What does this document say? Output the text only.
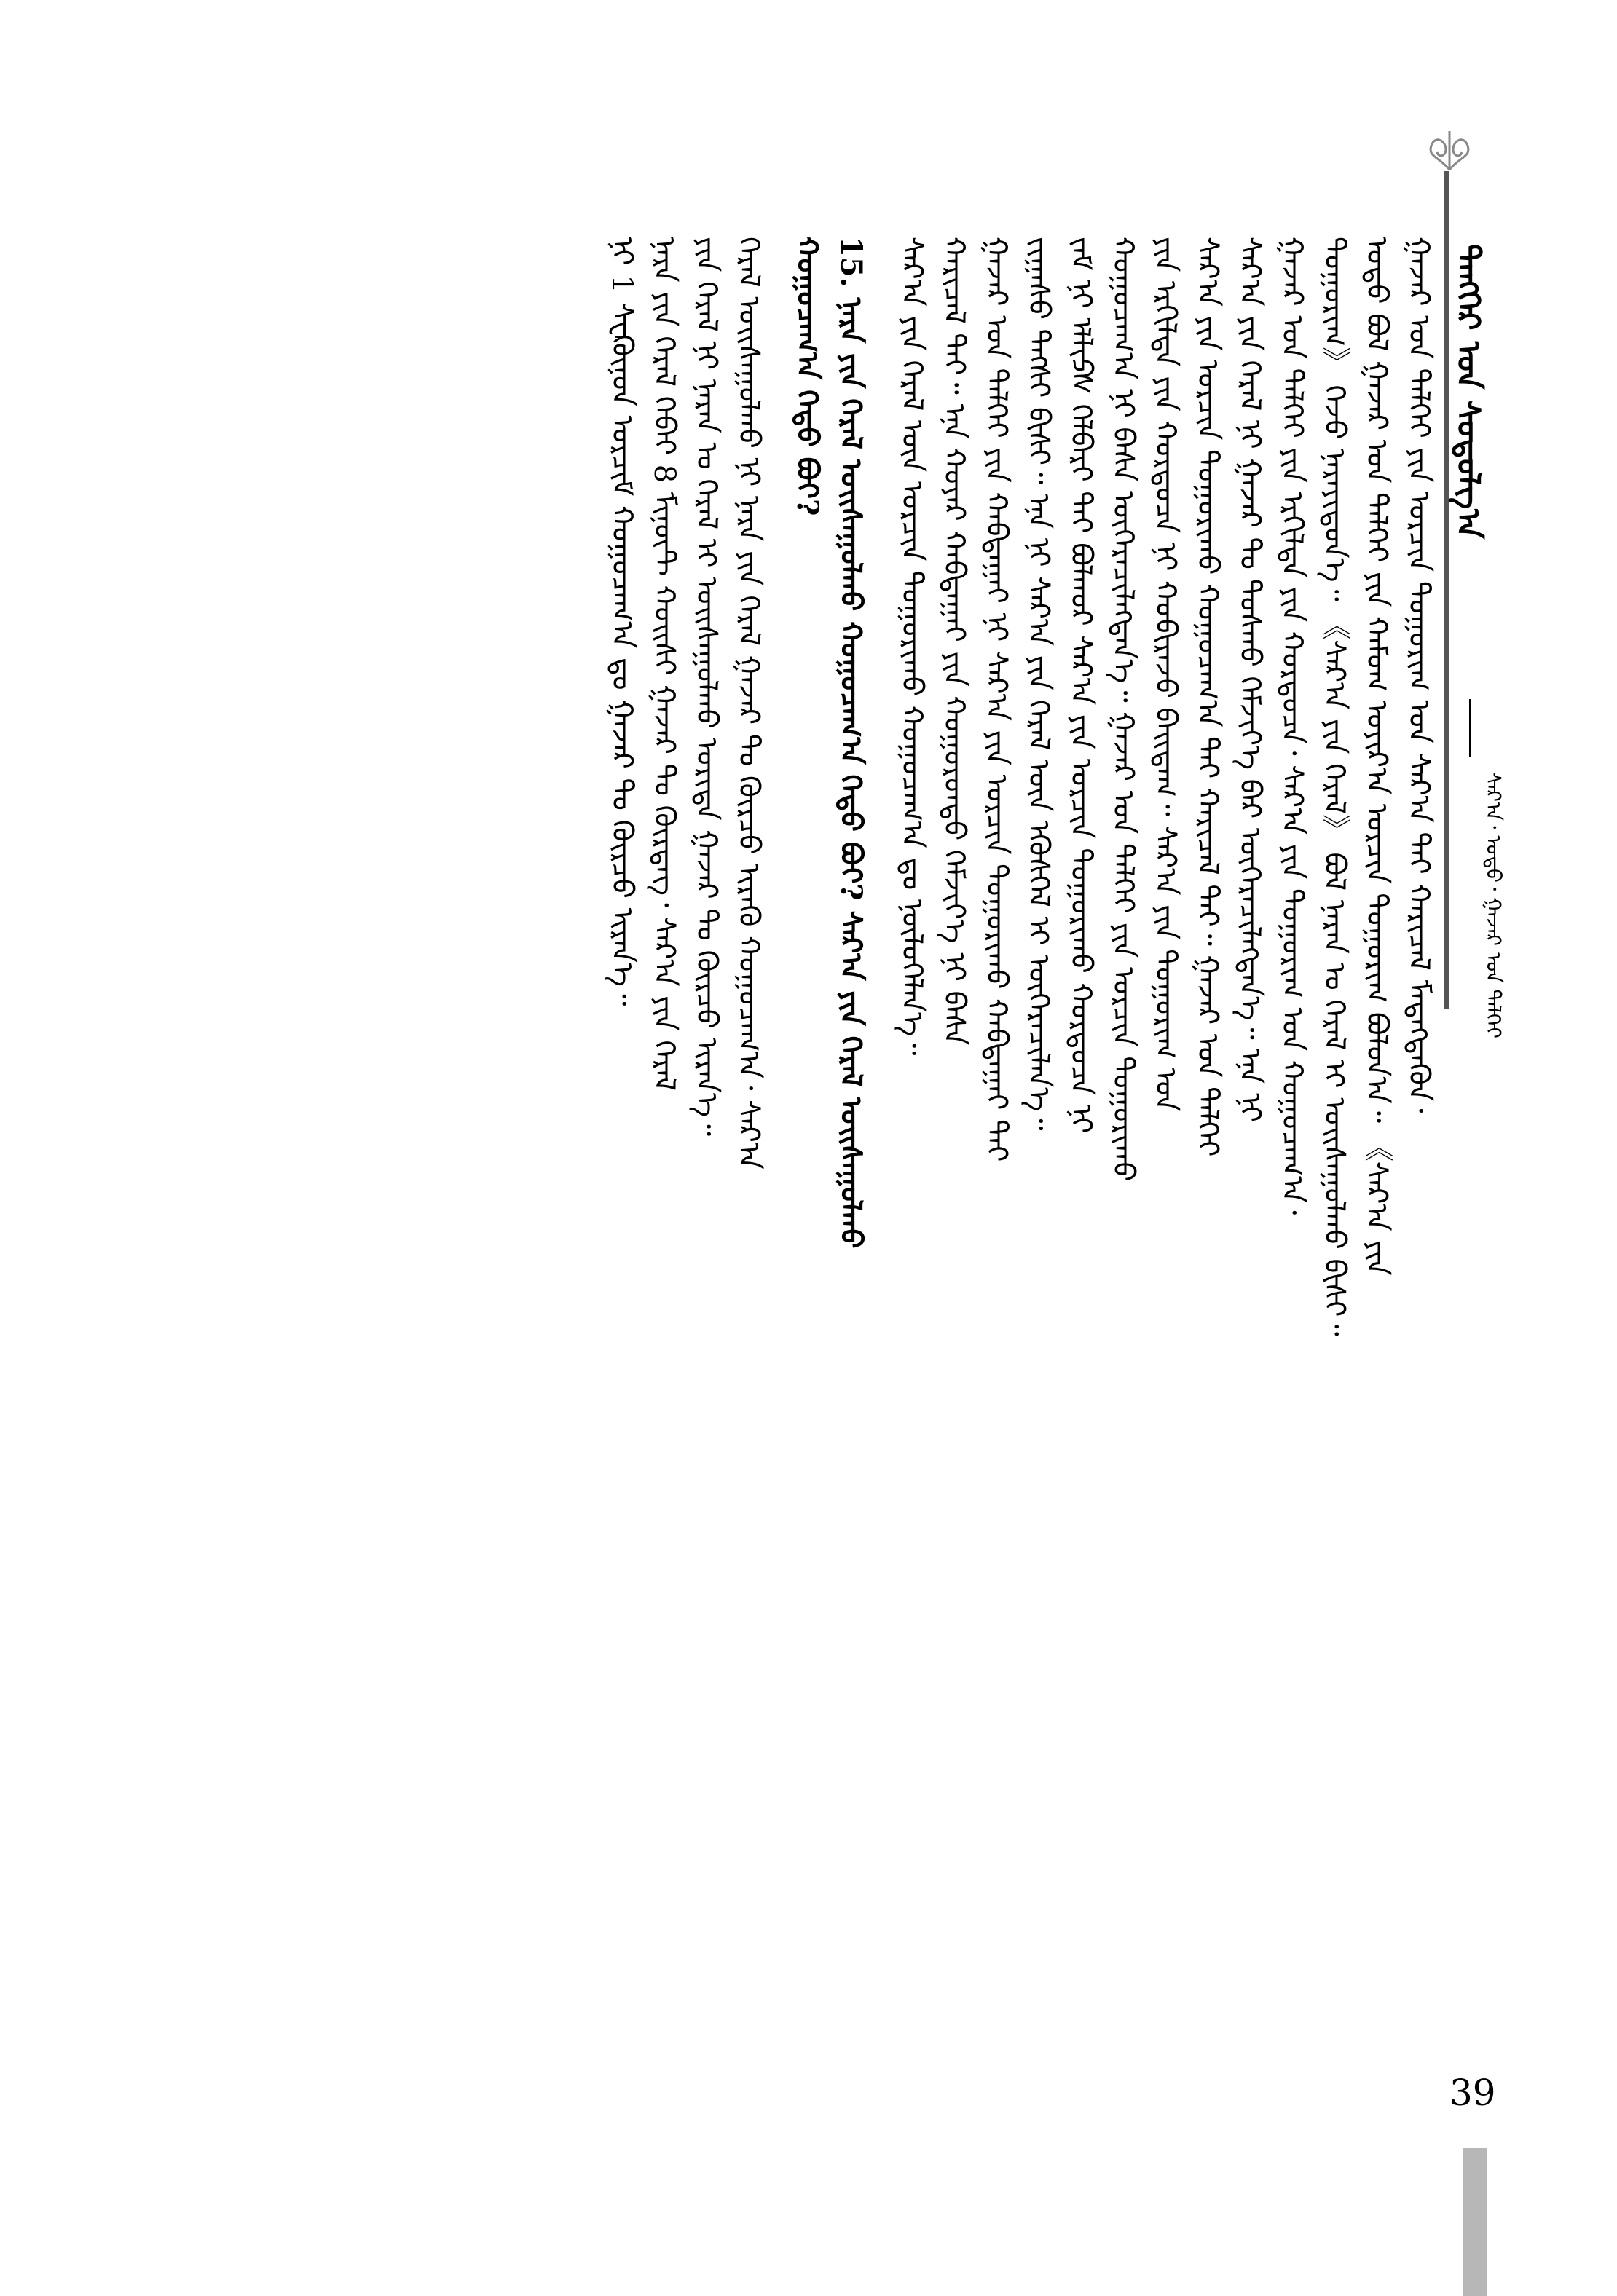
ᠲᠡᠩᠭᠡᠷ ᠤᠨ ᠰᠤᠳᠤᠯᠭ᠎ᠠ
ᠰᠠᠷ᠎ᠠ᠂ ᠣᠳᠤ᠂ ᠭᠠᠵᠠᠷ ᠤᠨ ᠳᠡᠯᠬᠡᠢ
ᠭᠠᠵᠠᠷ ᠤᠨ ᠳᠡᠯᠬᠡᠢ ᠶᠢᠨ ᠣᠷᠴᠢᠨ ᠳᠣᠭᠣᠷᠢᠭ ᠤᠨ ᠰᠠᠷ᠎ᠠ ᠲᠠᠢ ᠬᠠᠷᠢᠴᠠᠯ ᠮᠡᠳᠡᠭᠳᠡᠬᠦᠨ᠂
ᠣᠳᠤ ᠪᠣᠯ ᠭᠠᠵᠠᠷ ᠤᠨ ᠳᠡᠯᠬᠡᠢ ᠶᠢᠨ ᠬᠠᠮᠤᠭ ᠣᠶᠢᠷ᠎ᠠ ᠣᠷᠴᠢᠨ ᠳᠣᠭᠣᠷᠢᠭ ᠪᠣᠯᠤᠨ᠎ᠠ᠃ 《ᠰᠠᠷ᠎ᠠ ᠶᠢᠨ
ᠲᠣᠭᠣᠷᠢᠭ》 ᠭᠡᠵᠦ ᠨᠡᠷᠡᠶᠢᠳᠦᠨ᠎ᠡ᠃ 《ᠰᠠᠷ᠎ᠠ ᠶᠢᠨ ᠭᠡᠷᠡᠯ》 ᠪᠣᠯ ᠨᠠᠷᠠᠨ ᠤ ᠭᠡᠷᠡᠯ ᠢ ᠣᠢᠰᠠᠭᠤᠯᠬᠤ ᠪᠢᠰᠢ᠃
ᠭᠠᠵᠠᠷ ᠤᠨ ᠳᠡᠯᠬᠡᠢ ᠶᠢᠨ ᠡᠷᠭᠢᠯᠲᠡ ᠶᠢᠨ ᠬᠤᠷᠳᠤᠴᠠ᠂ ᠰᠠᠷ᠎ᠠ ᠶᠢᠨ ᠲᠣᠭᠣᠷᠢᠭ ᠤᠨ ᠬᠤᠭᠤᠴᠠᠭ᠎ᠠ᠂
ᠰᠠᠷ᠎ᠠ ᠶᠢᠨ ᠭᠡᠷᠡᠯ ᠨᠢ ᠭᠠᠵᠠᠷ ᠲᠤ ᠲᠤᠰᠬᠤ ᠬᠡᠮᠵᠢᠶ᠎ᠡ ᠪᠡᠷ ᠥᠭᠡᠷᠡᠴᠢᠯᠡᠭᠳᠡᠨ᠎ᠡ᠃ ᠡᠨᠡ ᠨᠢ
ᠰᠠᠷ᠎ᠠ ᠶᠢᠨ ᠣᠷᠴᠢᠨ ᠳᠣᠭᠣᠷᠢᠬᠤ ᠬᠤᠭᠤᠴᠠᠭ᠎ᠠ ᠲᠠᠢ ᠬᠠᠷᠢᠴᠠᠯ ᠲᠠᠢ᠃ ᠭᠠᠵᠠᠷ ᠤᠨ ᠳᠡᠯᠬᠡᠢ
ᠶᠢᠨ ᠡᠷᠭᠢᠯᠲᠡ ᠶᠢᠨ ᠬᠤᠷᠳᠤᠴᠠ ᠨᠢ ᠬᠤᠪᠢᠷᠠᠵᠤ ᠪᠠᠢᠳᠠᠭ᠃ ᠰᠠᠷ᠎ᠠ ᠶᠢᠨ ᠲᠣᠭᠣᠷᠢᠭ ᠤᠨ
ᠬᠤᠭᠤᠴᠠᠭ᠎ᠠ ᠨᠢ ᠪᠠᠰᠠ ᠥᠭᠡᠷᠡᠴᠢᠯᠡᠭᠳᠡᠨ᠎ᠡ᠃ ᠭᠠᠵᠠᠷ ᠤᠨ ᠳᠡᠯᠬᠡᠢ ᠶᠢᠨ ᠣᠷᠴᠢᠨ ᠳᠣᠭᠣᠷᠢᠬᠤ
ᠵᠠᠮ ᠨᠢ ᠡᠯᠯᠢᠫᠰ ᠬᠡᠯᠪᠡᠷᠢ ᠲᠠᠢ ᠪᠣᠯᠬᠣᠷ ᠰᠠᠷ᠎ᠠ ᠶᠢᠨ ᠣᠷᠴᠢᠨ ᠳᠣᠭᠣᠷᠢᠬᠤ ᠬᠤᠷᠳᠤᠴᠠ ᠨᠢ
ᠵᠢᠭᠠᠰᠤ ᠲᠡᠭᠰᠢ ᠪᠢᠰᠢ᠃ ᠡᠨᠡ ᠨᠢ ᠰᠠᠷ᠎ᠠ ᠶᠢᠨ ᠭᠡᠷᠡᠯ ᠦᠨ ᠡᠭᠦᠰᠬᠡᠯ ᠢ ᠥᠭᠡᠷᠡᠴᠢᠯᠡᠨ᠎ᠡ᠃
ᠭᠠᠵᠠᠷ ᠤᠨ ᠳᠡᠯᠬᠡᠢ ᠶᠢᠨ ᠬᠠᠪᠲᠠᠭᠠᠢ ᠨᠢ ᠰᠠᠷ᠎ᠠ ᠶᠢᠨ ᠣᠷᠴᠢᠨ ᠳᠣᠭᠣᠷᠢᠬᠤ ᠬᠠᠪᠲᠠᠭᠠᠢ ᠲᠠᠢ
ᠬᠠᠷᠢᠴᠠᠯ ᠲᠠᠢ᠃ ᠡᠨᠡ ᠬᠣᠶᠠᠷ ᠬᠠᠪᠲᠠᠭᠠᠢ ᠶᠢᠨ ᠬᠣᠭᠣᠷᠤᠨᠳᠤ ᠬᠡᠮᠵᠢᠶ᠎ᠡ ᠨᠢ ᠪᠠᠰᠠ
ᠰᠠᠷ᠎ᠠ ᠶᠢᠨ ᠭᠡᠷᠡᠯ ᠦᠨ ᠣᠷᠴᠢᠨ ᠳᠣᠭᠣᠷᠢᠬᠤ ᠬᠤᠭᠤᠴᠠᠭ᠎ᠠ ᠳᠤ ᠨᠥᠯᠦᠭᠡᠯᠡᠨ᠎ᠡ᠃
15. ᠨᠠᠷᠠ ᠶᠢᠨ ᠭᠡᠷᠡᠯ ᠣᠢᠰᠠᠭᠤᠯᠬᠤ ᠬᠤᠭᠤᠴᠠᠭ᠎ᠠ ᠬᠡᠳᠦ ᠪᠤᠢ? ᠰᠠᠷ᠎ᠠ ᠶᠢᠨ ᠭᠡᠷᠡᠯ ᠣᠢᠰᠠᠭᠤᠯᠬᠤ
ᠬᠤᠭᠤᠴᠠᠭ᠎ᠠ ᠬᠡᠳᠦ ᠪᠤᠢ?
ᠭᠡᠷᠡᠯ ᠣᠢᠰᠠᠭᠤᠯᠬᠤ ᠨᠢ ᠨᠠᠷᠠ ᠶᠢᠨ ᠭᠡᠷᠡᠯ ᠭᠠᠵᠠᠷ ᠲᠤ ᠬᠦᠷᠴᠦ ᠢᠷᠡᠬᠦ ᠬᠤᠭᠤᠴᠠᠭ᠎ᠠ᠂ ᠰᠠᠷ᠎ᠠ
ᠶᠢᠨ ᠭᠡᠷᠡᠯ ᠨᠢ ᠨᠠᠷᠠᠨ ᠤ ᠭᠡᠷᠡᠯ ᠢ ᠣᠢᠰᠠᠭᠤᠯᠬᠤ ᠤᠷᠢᠳᠠ ᠭᠠᠵᠠᠷ ᠲᠤ ᠬᠦᠷᠴᠦ ᠢᠷᠡᠨ᠎ᠡ᠃
ᠨᠠᠷᠠ ᠶᠢᠨ ᠭᠡᠷᠡᠯ ᠬᠡᠪᠡᠢ 8 ᠮᠢᠨᠦ᠋ᠲ ᠬᠣᠢᠰᠢ ᠭᠠᠵᠠᠷ ᠲᠤ ᠬᠦᠷᠳᠡᠭ᠂ ᠰᠠᠷ᠎ᠠ ᠶᠢᠨ ᠭᠡᠷᠡᠯ
ᠨᠢ 1 ᠰᠸᠺᠦ᠋ᠨ᠋ᠳ ᠣᠷᠴᠢᠮ ᠬᠤᠭᠤᠴᠠᠭ᠎ᠠ ᠳᠤ ᠭᠠᠵᠠᠷ ᠲᠤ ᠬᠦᠷᠴᠦ ᠢᠷᠡᠨ᠎ᠡ᠃
39
